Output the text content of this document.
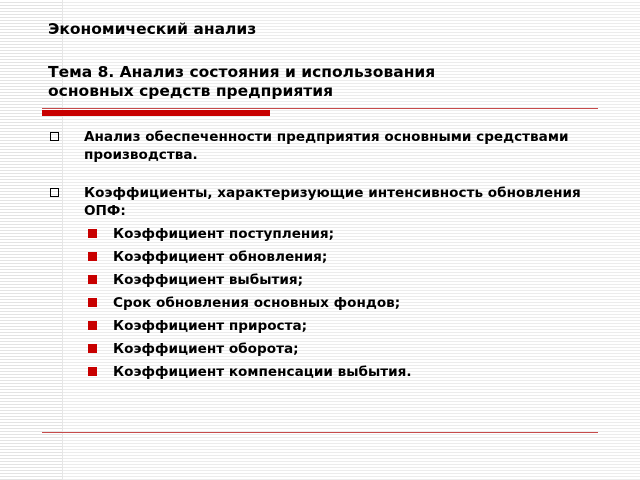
Экономический анализ
Тема 8. Анализ состояния и использования
основных средств предприятия
Анализ обеспеченности предприятия основными средствами производства.
Коэффициенты, характеризующие интенсивность обновления ОПФ:
Коэффициент поступления;
Коэффициент обновления;
Коэффициент выбытия;
Срок обновления основных фондов;
Коэффициент прироста;
Коэффициент оборота;
Коэффициент компенсации выбытия.
